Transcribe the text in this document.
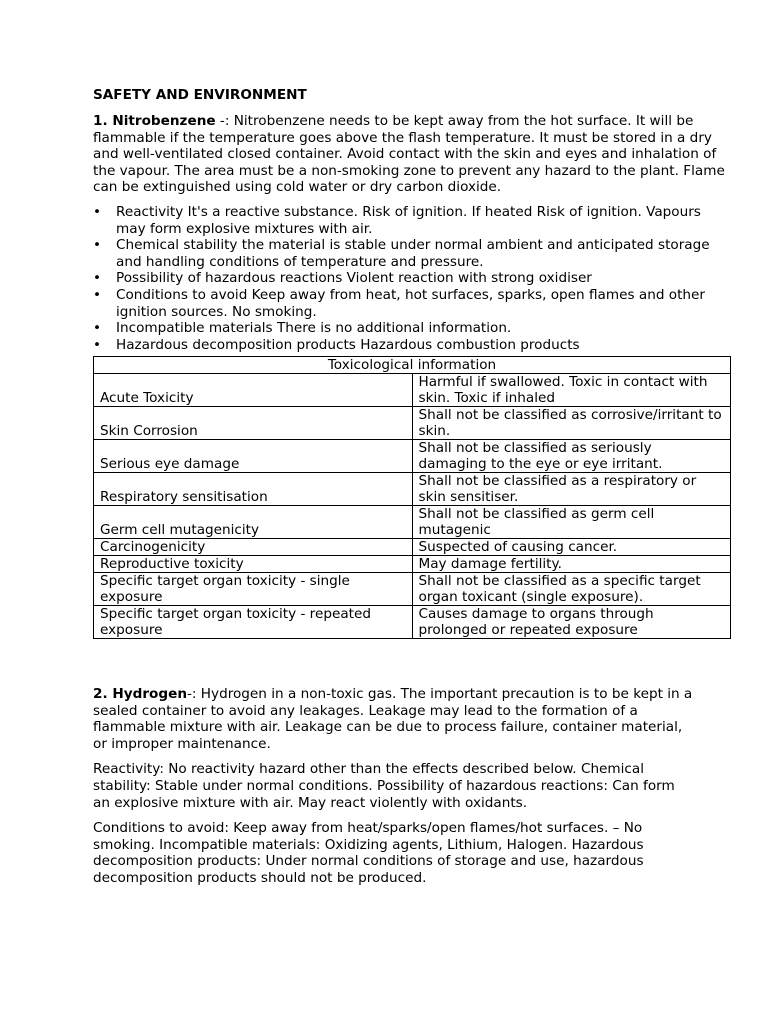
SAFETY AND ENVIRONMENT

1. Nitrobenzene -: Nitrobenzene needs to be kept away from the hot surface. It will be flammable if the temperature goes above the flash temperature. It must be stored in a dry and well-ventilated closed container. Avoid contact with the skin and eyes and inhalation of the vapour. The area must be a non-smoking zone to prevent any hazard to the plant. Flame can be extinguished using cold water or dry carbon dioxide.

• Reactivity It's a reactive substance. Risk of ignition. If heated Risk of ignition. Vapours may form explosive mixtures with air.
• Chemical stability the material is stable under normal ambient and anticipated storage and handling conditions of temperature and pressure.
• Possibility of hazardous reactions Violent reaction with strong oxidiser
• Conditions to avoid Keep away from heat, hot surfaces, sparks, open flames and other ignition sources. No smoking.
• Incompatible materials There is no additional information.
• Hazardous decomposition products Hazardous combustion products
Toxicological information	
Acute Toxicity	Harmful if swallowed. Toxic in contact with skin. Toxic if inhaled
Skin Corrosion	Shall not be classified as corrosive/irritant to skin.
Serious eye damage	Shall not be classified as seriously damaging to the eye or eye irritant.
Respiratory sensitisation	Shall not be classified as a respiratory or skin sensitiser.
Germ cell mutagenicity	Shall not be classified as germ cell mutagenic
Carcinogenicity	Suspected of causing cancer.
Reproductive toxicity	May damage fertility.
Specific target organ toxicity - single exposure	Shall not be classified as a specific target organ toxicant (single exposure).
Specific target organ toxicity - repeated exposure	Causes damage to organs through prolonged or repeated exposure

2. Hydrogen-: Hydrogen in a non-toxic gas. The important precaution is to be kept in a sealed container to avoid any leakages. Leakage may lead to the formation of a flammable mixture with air. Leakage can be due to process failure, container material, or improper maintenance.

Reactivity: No reactivity hazard other than the effects described below. Chemical stability: Stable under normal conditions. Possibility of hazardous reactions: Can form an explosive mixture with air. May react violently with oxidants.

Conditions to avoid: Keep away from heat/sparks/open flames/hot surfaces. – No smoking. Incompatible materials: Oxidizing agents, Lithium, Halogen. Hazardous decomposition products: Under normal conditions of storage and use, hazardous decomposition products should not be produced.
